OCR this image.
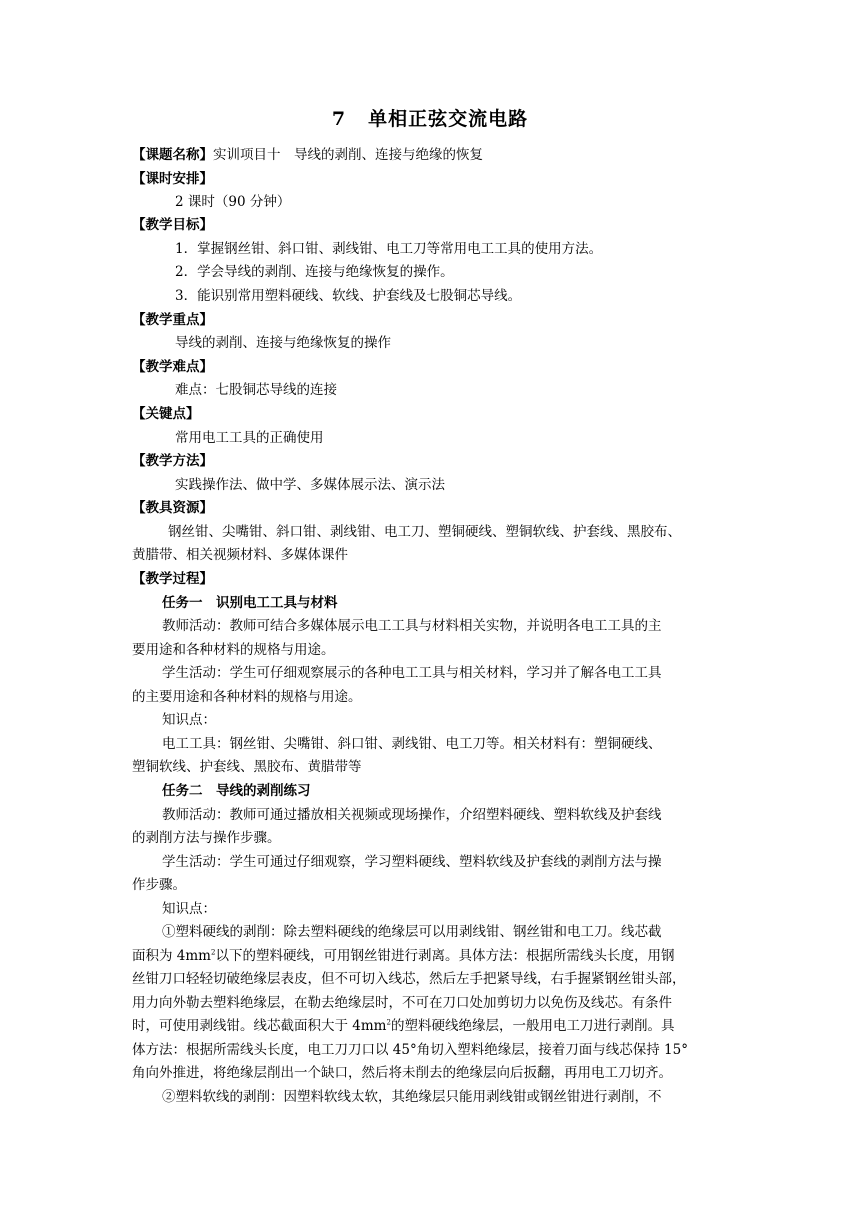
7 单相正弦交流电路
【课题名称】实训项目十　导线的剥削、连接与绝缘的恢复
【课时安排】
2 课时（90 分钟）
【教学目标】
1．掌握钢丝钳、斜口钳、剥线钳、电工刀等常用电工工具的使用方法。
2．学会导线的剥削、连接与绝缘恢复的操作。
3．能识别常用塑料硬线、软线、护套线及七股铜芯导线。
【教学重点】
导线的剥削、连接与绝缘恢复的操作
【教学难点】
难点：七股铜芯导线的连接
【关键点】
常用电工工具的正确使用
【教学方法】
实践操作法、做中学、多媒体展示法、演示法
【教具资源】
钢丝钳、尖嘴钳、斜口钳、剥线钳、电工刀、塑铜硬线、塑铜软线、护套线、黑胶布、
黄腊带、相关视频材料、多媒体课件
【教学过程】
任务一　识别电工工具与材料
教师活动：教师可结合多媒体展示电工工具与材料相关实物，并说明各电工工具的主
要用途和各种材料的规格与用途。
学生活动：学生可仔细观察展示的各种电工工具与相关材料，学习并了解各电工工具
的主要用途和各种材料的规格与用途。
知识点：
电工工具：钢丝钳、尖嘴钳、斜口钳、剥线钳、电工刀等。相关材料有：塑铜硬线、
塑铜软线、护套线、黑胶布、黄腊带等
任务二　导线的剥削练习
教师活动：教师可通过播放相关视频或现场操作，介绍塑料硬线、塑料软线及护套线
的剥削方法与操作步骤。
学生活动：学生可通过仔细观察，学习塑料硬线、塑料软线及护套线的剥削方法与操
作步骤。
知识点：
①塑料硬线的剥削：除去塑料硬线的绝缘层可以用剥线钳、钢丝钳和电工刀。线芯截
面积为 $4mm^2$以下的塑料硬线，可用钢丝钳进行剥离。具体方法：根据所需线头长度，用钢
丝钳刀口轻轻切破绝缘层表皮，但不可切入线芯，然后左手把紧导线，右手握紧钢丝钳头部，
用力向外勒去塑料绝缘层，在勒去绝缘层时，不可在刀口处加剪切力以免伤及线芯。有条件
时，可使用剥线钳。线芯截面积大于 $4mm^2$的塑料硬线绝缘层，一般用电工刀进行剥削。具
体方法：根据所需线头长度，电工刀刀口以 45°角切入塑料绝缘层，接着刀面与线芯保持 15°
角向外推进，将绝缘层削出一个缺口，然后将未削去的绝缘层向后扳翻，再用电工刀切齐。
②塑料软线的剥削：因塑料软线太软，其绝缘层只能用剥线钳或钢丝钳进行剥削，不
